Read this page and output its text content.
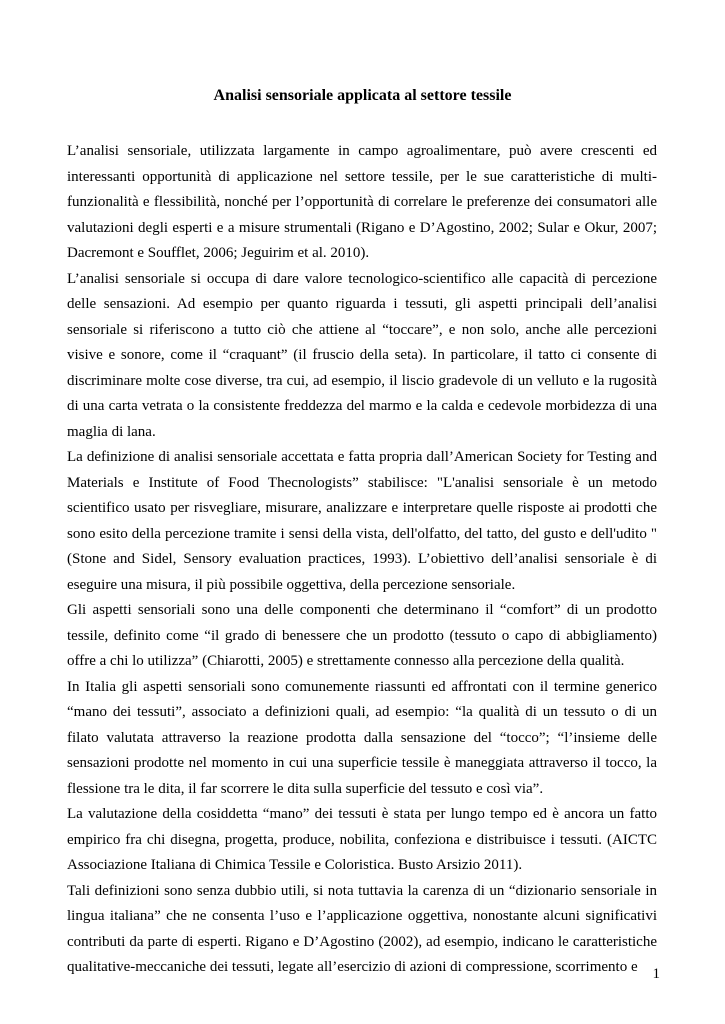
Analisi sensoriale applicata al settore tessile

L’analisi sensoriale, utilizzata largamente in campo agroalimentare, può avere crescenti ed interessanti opportunità di applicazione nel settore tessile, per le sue caratteristiche di multi-funzionalità e flessibilità, nonché per l’opportunità di correlare le preferenze dei consumatori alle valutazioni degli esperti e a misure strumentali (Rigano e D’Agostino, 2002; Sular e Okur, 2007; Dacremont e Soufflet, 2006; Jeguirim et al. 2010).

L’analisi sensoriale si occupa di dare valore tecnologico-scientifico alle capacità di percezione delle sensazioni. Ad esempio per quanto riguarda i tessuti, gli aspetti principali dell’analisi sensoriale si riferiscono a tutto ciò che attiene al “toccare”, e non solo, anche alle percezioni visive e sonore, come il “craquant” (il fruscio della seta). In particolare, il tatto ci consente di discriminare molte cose diverse, tra cui, ad esempio, il liscio gradevole di un velluto e la rugosità di una carta vetrata o la consistente freddezza del marmo e la calda e cedevole morbidezza di una maglia di lana.

La definizione di analisi sensoriale accettata e fatta propria dall’American Society for Testing and Materials e Institute of Food Thecnologists” stabilisce: "L'analisi sensoriale è un metodo scientifico usato per risvegliare, misurare, analizzare e interpretare quelle risposte ai prodotti che sono esito della percezione tramite i sensi della vista, dell'olfatto, del tatto, del gusto e dell'udito " (Stone and Sidel, Sensory evaluation practices, 1993). L’obiettivo dell’analisi sensoriale è di eseguire una misura, il più possibile oggettiva, della percezione sensoriale.

Gli aspetti sensoriali sono una delle componenti che determinano il “comfort” di un prodotto tessile, definito come “il grado di benessere che un prodotto (tessuto o capo di abbigliamento) offre a chi lo utilizza” (Chiarotti, 2005) e strettamente connesso alla percezione della qualità.

In Italia gli aspetti sensoriali sono comunemente riassunti ed affrontati con il termine generico “mano dei tessuti”, associato a definizioni quali, ad esempio: “la qualità di un tessuto o di un filato valutata attraverso la reazione prodotta dalla sensazione del “tocco”; “l’insieme delle sensazioni prodotte nel momento in cui una superficie tessile è maneggiata attraverso il tocco, la flessione tra le dita, il far scorrere le dita sulla superficie del tessuto e così via”.

La valutazione della cosiddetta “mano” dei tessuti è stata per lungo tempo ed è ancora un fatto empirico fra chi disegna, progetta, produce, nobilita, confeziona e distribuisce i tessuti. (AICTC Associazione Italiana di Chimica Tessile e Coloristica. Busto Arsizio 2011).

Tali definizioni sono senza dubbio utili, si nota tuttavia la carenza di un “dizionario sensoriale in lingua italiana” che ne consenta l’uso e l’applicazione oggettiva, nonostante alcuni significativi contributi da parte di esperti. Rigano e D’Agostino (2002), ad esempio, indicano le caratteristiche qualitative-meccaniche dei tessuti, legate all’esercizio di azioni di compressione, scorrimento e 1
